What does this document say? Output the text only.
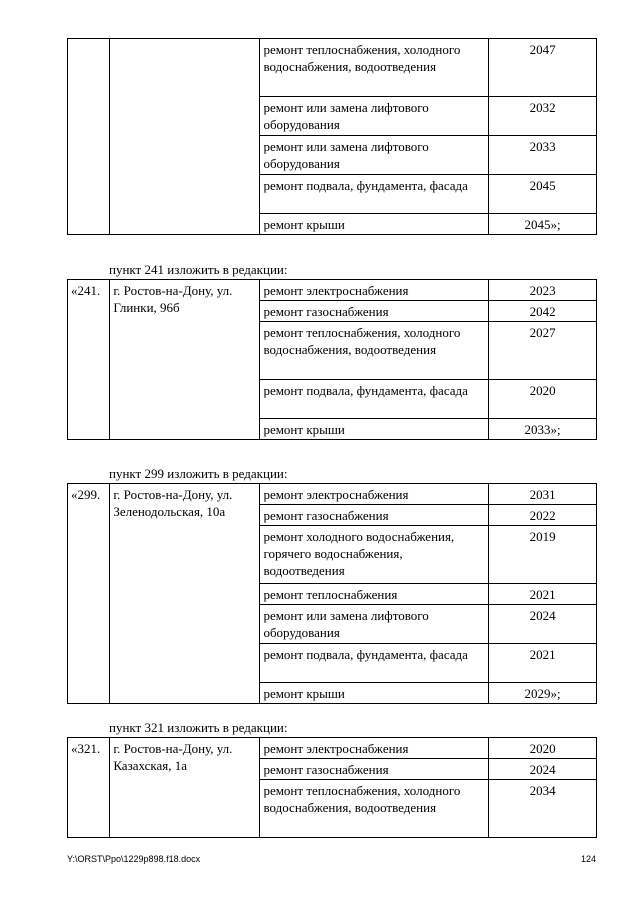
		ремонт теплоснабжения, холодного водоснабжения, водоотведения	2047
		ремонт или замена лифтового оборудования	2032
		ремонт или замена лифтового оборудования	2033
		ремонт подвала, фундамента, фасада	2045
		ремонт крыши	2045»;
пункт 241 изложить в редакции:
«241.	г. Ростов-на-Дону, ул. Глинки, 96б	ремонт электроснабжения	2023
		ремонт газоснабжения	2042
		ремонт теплоснабжения, холодного водоснабжения, водоотведения	2027
		ремонт подвала, фундамента, фасада	2020
		ремонт крыши	2033»;
пункт 299 изложить в редакции:
«299.	г. Ростов-на-Дону, ул. Зеленодольская, 10а	ремонт электроснабжения	2031
		ремонт газоснабжения	2022
		ремонт холодного водоснабжения, горячего водоснабжения, водоотведения	2019
		ремонт теплоснабжения	2021
		ремонт или замена лифтового оборудования	2024
		ремонт подвала, фундамента, фасада	2021
		ремонт крыши	2029»;
пункт 321 изложить в редакции:
«321.	г. Ростов-на-Дону, ул. Казахская, 1а	ремонт электроснабжения	2020
		ремонт газоснабжения	2024
		ремонт теплоснабжения, холодного водоснабжения, водоотведения	2034
Y:\ORST\Ppo\1229p898.f18.docx	124
